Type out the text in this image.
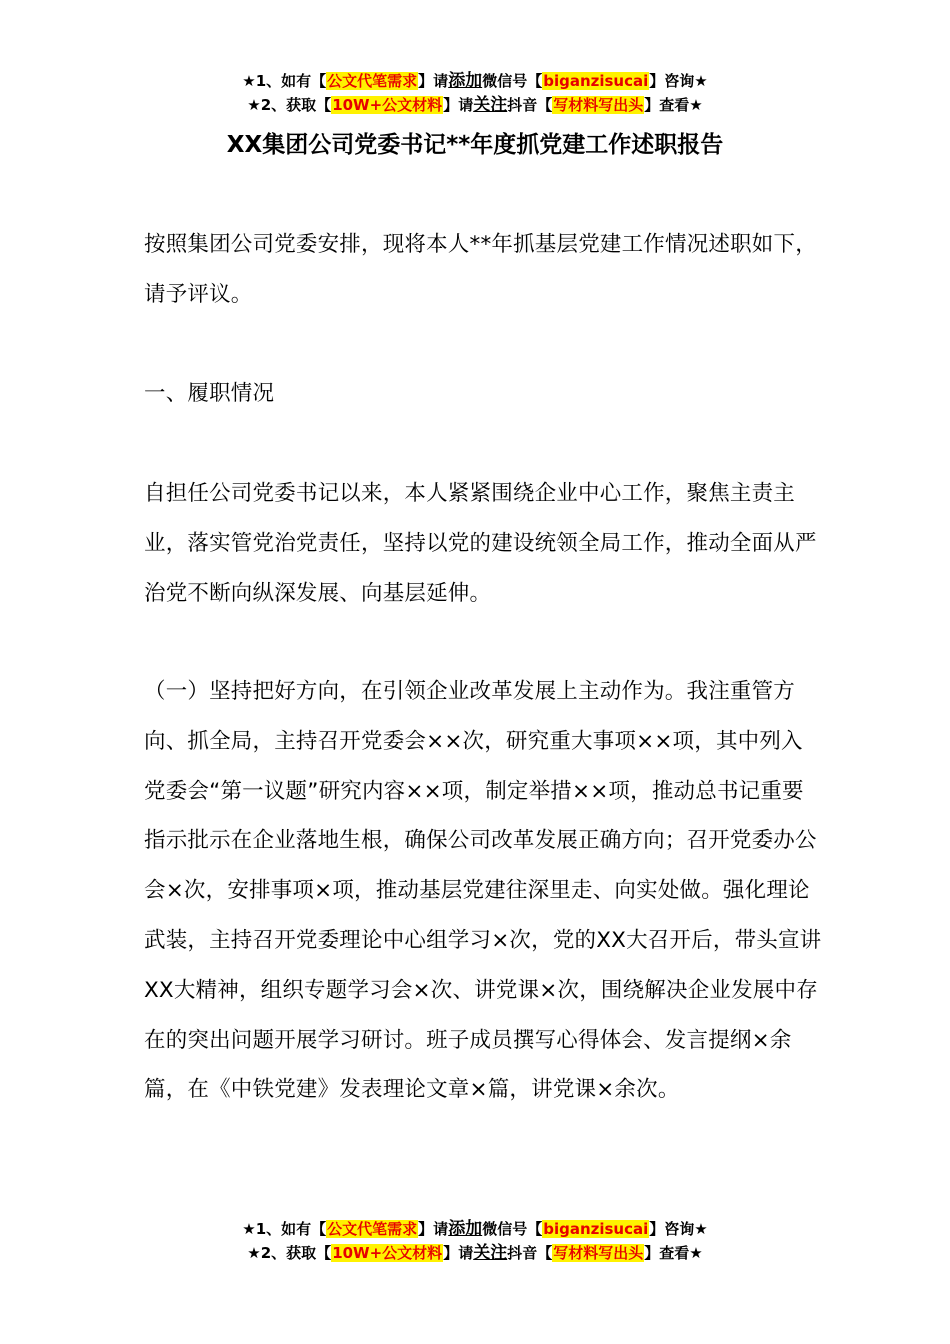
★1、如有【公文代笔需求】请添加微信号【biganzisucai】咨询★
★2、获取【10W+公文材料】请关注抖音【写材料写出头】查看★
XX集团公司党委书记**年度抓党建工作述职报告

按照集团公司党委安排，现将本人**年抓基层党建工作情况述职如下，请予评议。

一、履职情况

自担任公司党委书记以来，本人紧紧围绕企业中心工作，聚焦主责主业，落实管党治党责任，坚持以党的建设统领全局工作，推动全面从严治党不断向纵深发展、向基层延伸。

（一）坚持把好方向，在引领企业改革发展上主动作为。我注重管方向、抓全局，主持召开党委会××次，研究重大事项××项，其中列入党委会“第一议题”研究内容××项，制定举措××项，推动总书记重要指示批示在企业落地生根，确保公司改革发展正确方向；召开党委办公会×次，安排事项×项，推动基层党建往深里走、向实处做。强化理论武装，主持召开党委理论中心组学习×次，党的XX大召开后，带头宣讲XX大精神，组织专题学习会×次、讲党课×次，围绕解决企业发展中存在的突出问题开展学习研讨。班子成员撰写心得体会、发言提纲×余篇，在《中铁党建》发表理论文章×篇，讲党课×余次。

★1、如有【公文代笔需求】请添加微信号【biganzisucai】咨询★
★2、获取【10W+公文材料】请关注抖音【写材料写出头】查看★
